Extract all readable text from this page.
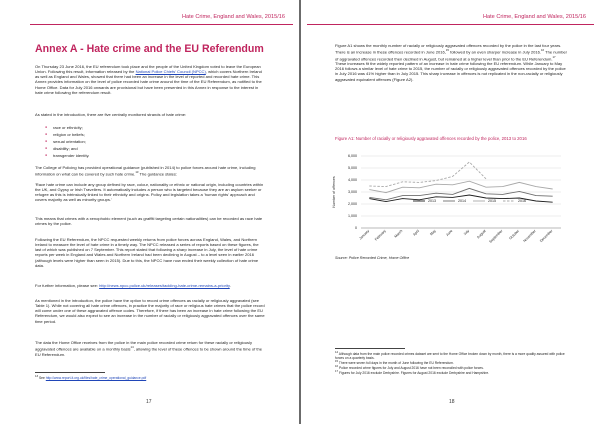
Hate Crime, England and Wales, 2015/16
Annex A - Hate crime and the EU Referendum

On Thursday 23 June 2016, the EU referendum took place and the people of the United Kingdom voted to leave the European Union. Following this result, information released by the National Police Chiefs' Council (NPCC), which covers Northern Ireland as well as England and Wales, showed that there had been an increase in the level of reported and recorded hate crime. This Annex provides information on the level of police recorded hate crime around the time of the EU Referendum, as notified to the Home Office. Data for July 2016 onwards are provisional but have been presented in this Annex in response to the interest in hate crime following the referendum result.

As stated in the introduction, there are five centrally monitored strands of hate crime:

● race or ethnicity;
● religion or beliefs;
● sexual orientation;
● disability; and
● transgender identity.

The College of Policing has provided operational guidance (published in 2014) to police forces around hate crime, including information on what can be covered by such hate crime.$^{13}$ The guidance states:

'Race hate crime can include any group defined by race, colour, nationality or ethnic or national origin, including countries within the UK, and Gypsy or Irish Travellers. It automatically includes a person who is targeted because they are an asylum seeker or refugee as this is intrinsically linked to their ethnicity and origins. Policy and legislation takes a 'human rights' approach and covers majority as well as minority groups.'

This means that crimes with a xenophobic element (such as graffiti targeting certain nationalities) can be recorded as race hate crimes by the police.

Following the EU Referendum, the NPCC requested weekly returns from police forces across England, Wales, and Northern Ireland to measure the level of hate crime in a timely way. The NPCC released a series of reports based on these figures, the last of which was published on 7 September. This report stated that following a sharp increase in July, the level of hate crime reports per week in England and Wales and Northern Ireland had been declining in August – to a level seen in earlier 2016 (although levels were higher than seen in 2015). Due to this, the NPCC have now ended their weekly collection of hate crime data.

For further information, please see: http://news.npcc.police.uk/releases/tackling-hate-crime-remains-a-priority.

As mentioned in the introduction, the police have the option to record crime offences as racially or religiously aggravated (see Table 1). While not covering all hate crime offences, in practice the majority of race or religious hate crimes that the police record will come under one of these aggravated offence codes. Therefore, if there has been an increase in hate crime following the EU Referendum, we would also expect to see an increase in the number of racially or religiously aggravated offences over the same time period.

The data the Home Office receives from the police in the main police recorded crime return for these racially or religiously aggravated offences are available on a monthly basis$^{14}$, allowing the level of these offences to be shown around the time of the EU Referendum.

$^{13}$ See http://www.report-it.org.uk/files/hate_crime_operational_guidance.pdf

17
Hate Crime, England and Wales, 2015/16

Figure A1 shows the monthly number of racially or religiously aggravated offences recorded by the police in the last four years. There is an increase in these offences recorded in June 2016,15 followed by an even sharper increase in July 2016.16 The number of aggravated offences recorded then declined in August, but remained at a higher level than prior to the EU Referendum.$^{17}$ These increases fit the widely reported pattern of an increase in hate crime following the EU referendum. While January to May 2016 follows a similar level of hate crime to 2015, the number of racially or religiously aggravated offences recorded by the police in July 2016 was 41% higher than in July 2015. This sharp increase in offences is not replicated in the non-racially or religiously aggravated equivalent offences (Figure A2).

Figure A1: Number of racially or religiously aggravated offences recorded by the police, 2013 to 2016
0
1,000
2,000
3,000
4,000
5,000
6,000
January February March	April	May June	July August September October November December
2013	2014	2015	2016
Number of offences
Source: Police Recorded Crime, Home Office

$^{14}$ Although data from the main police recorded crimes dataset are sent to the Home Office broken down by month, there is a more quality assured with police forces on a quarterly basis.

$^{15}$ There were seven full days in the month of June following the EU Referendum.

$^{16}$ Police recorded crime figures for July and August 2016 have not been reconciled with police forces.

$^{17}$ Figures for July 2016 exclude Derbyshire. Figures for August 2016 exclude Derbyshire and Hampshire.

18
